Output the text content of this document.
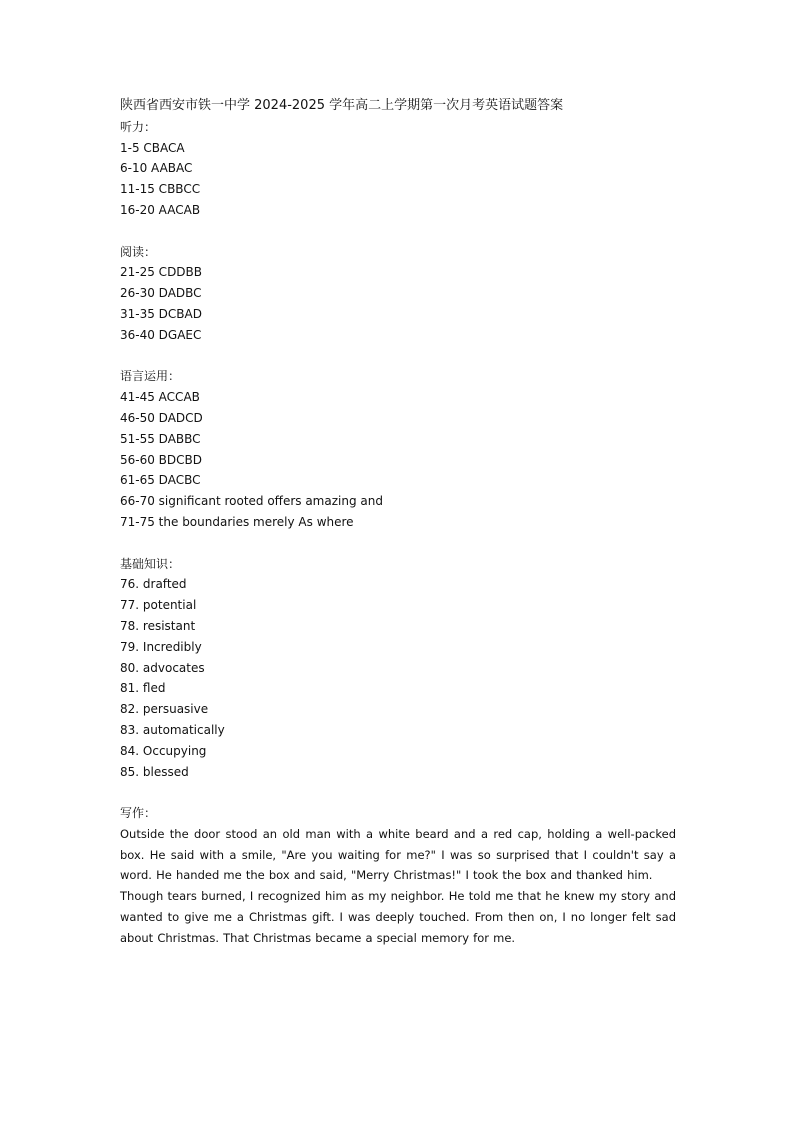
陕西省西安市铁一中学 2024-2025 学年高二上学期第一次月考英语试题答案
听力：
1-5 CBACA
6-10 AABAC
11-15 CBBCC
16-20 AACAB
阅读：
21-25 CDDBB
26-30 DADBC
31-35 DCBAD
36-40 DGAEC
语言运用：
41-45 ACCAB
46-50 DADCD
51-55 DABBC
56-60 BDCBD
61-65 DACBC
66-70 significant rooted offers amazing and
71-75 the boundaries merely As where
基础知识：
76. drafted
77. potential
78. resistant
79. Incredibly
80. advocates
81. fled
82. persuasive
83. automatically
84. Occupying
85. blessed
写作：
Outside the door stood an old man with a white beard and a red cap, holding a well-packed box. He said with a smile, "Are you waiting for me?" I was so surprised that I couldn't say a word. He handed me the box and said, "Merry Christmas!" I took the box and thanked him.
Though tears burned, I recognized him as my neighbor. He told me that he knew my story and wanted to give me a Christmas gift. I was deeply touched. From then on, I no longer felt sad about Christmas. That Christmas became a special memory for me.
